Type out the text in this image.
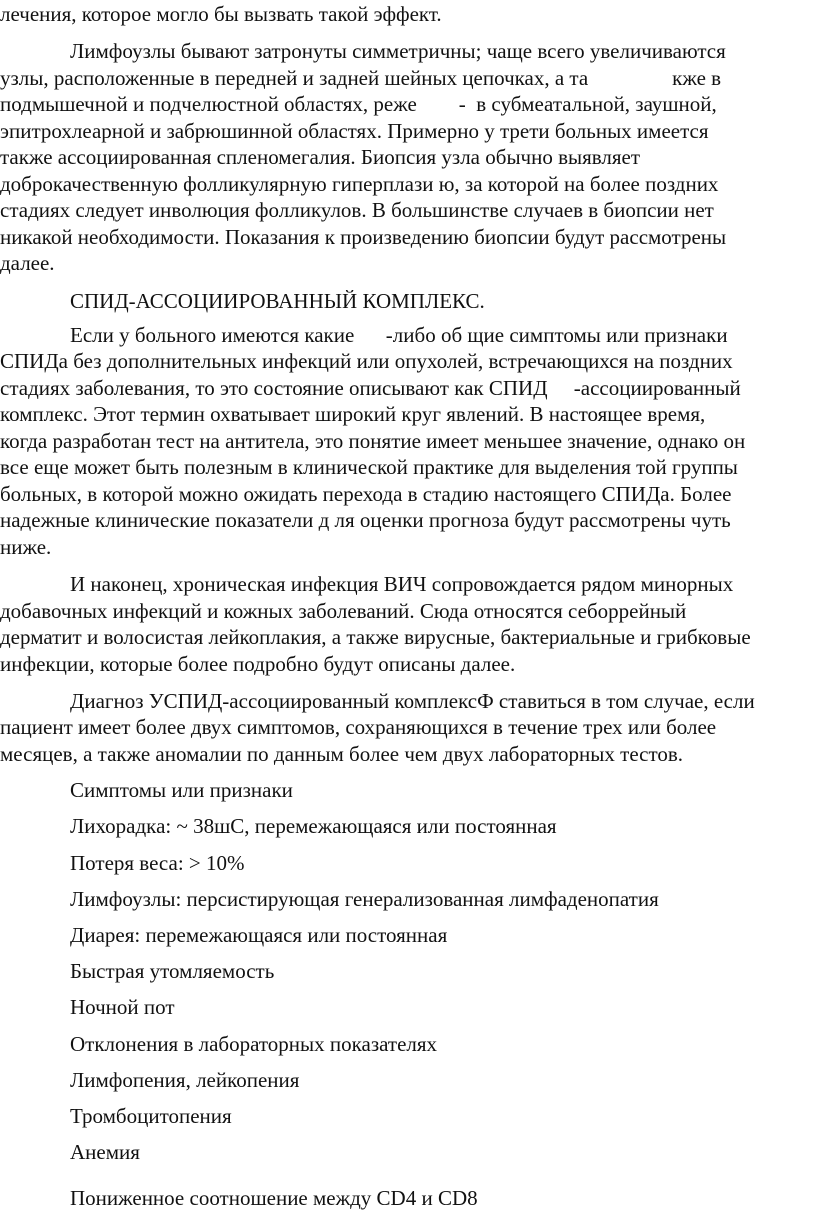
лечения, которое могло бы вызвать такой эффект.
Лимфоузлы бывают затронуты симметричны; чаще всего увеличиваются
узлы, расположенные в передней и задней шейных цепочках, а та                кже в
подмышечной и подчелюстной областях, реже        -  в субмеатальной, заушной,
эпитрохлеарной и забрюшинной областях. Примерно у трети больных имеется
также ассоциированная спленомегалия. Биопсия узла обычно выявляет
доброкачественную фолликулярную гиперплази ю, за которой на более поздних
стадиях следует инволюция фолликулов. В большинстве случаев в биопсии нет
никакой необходимости. Показания к произведению биопсии будут рассмотрены
далее.
СПИД-АССОЦИИРОВАННЫЙ КОМПЛЕКС.
Если у больного имеются какие      -либо об щие симптомы или признаки
СПИДа без дополнительных инфекций или опухолей, встречающихся на поздних
стадиях заболевания, то это состояние описывают как СПИД     -ассоциированный
комплекс. Этот термин охватывает широкий круг явлений. В настоящее время,
когда разработан тест на антитела, это понятие имеет меньшее значение, однако он
все еще может быть полезным в клинической практике для выделения той группы
больных, в которой можно ожидать перехода в стадию настоящего СПИДа. Более
надежные клинические показатели д ля оценки прогноза будут рассмотрены чуть
ниже.
И наконец, хроническая инфекция ВИЧ сопровождается рядом минорных
добавочных инфекций и кожных заболеваний. Сюда относятся себоррейный
дерматит и волосистая лейкоплакия, а также вирусные, бактериальные и грибковые
инфекции, которые более подробно будут описаны далее.
Диагноз УСПИД-ассоциированный комплексФ ставиться в том случае, если
пациент имеет более двух симптомов, сохраняющихся в течение трех или более
месяцев, а также аномалии по данным более чем двух лабораторных тестов.
Симптомы или признаки
Лихорадка: ~ 38шС, перемежающаяся или постоянная
Потеря веса: > 10%
Лимфоузлы: персистирующая генерализованная лимфаденопатия
Диарея: перемежающаяся или постоянная
Быстрая утомляемость
Ночной пот
Отклонения в лабораторных показателях
Лимфопения, лейкопения
Тромбоцитопения
Анемия
Пониженное соотношение между CD4 и CD8
